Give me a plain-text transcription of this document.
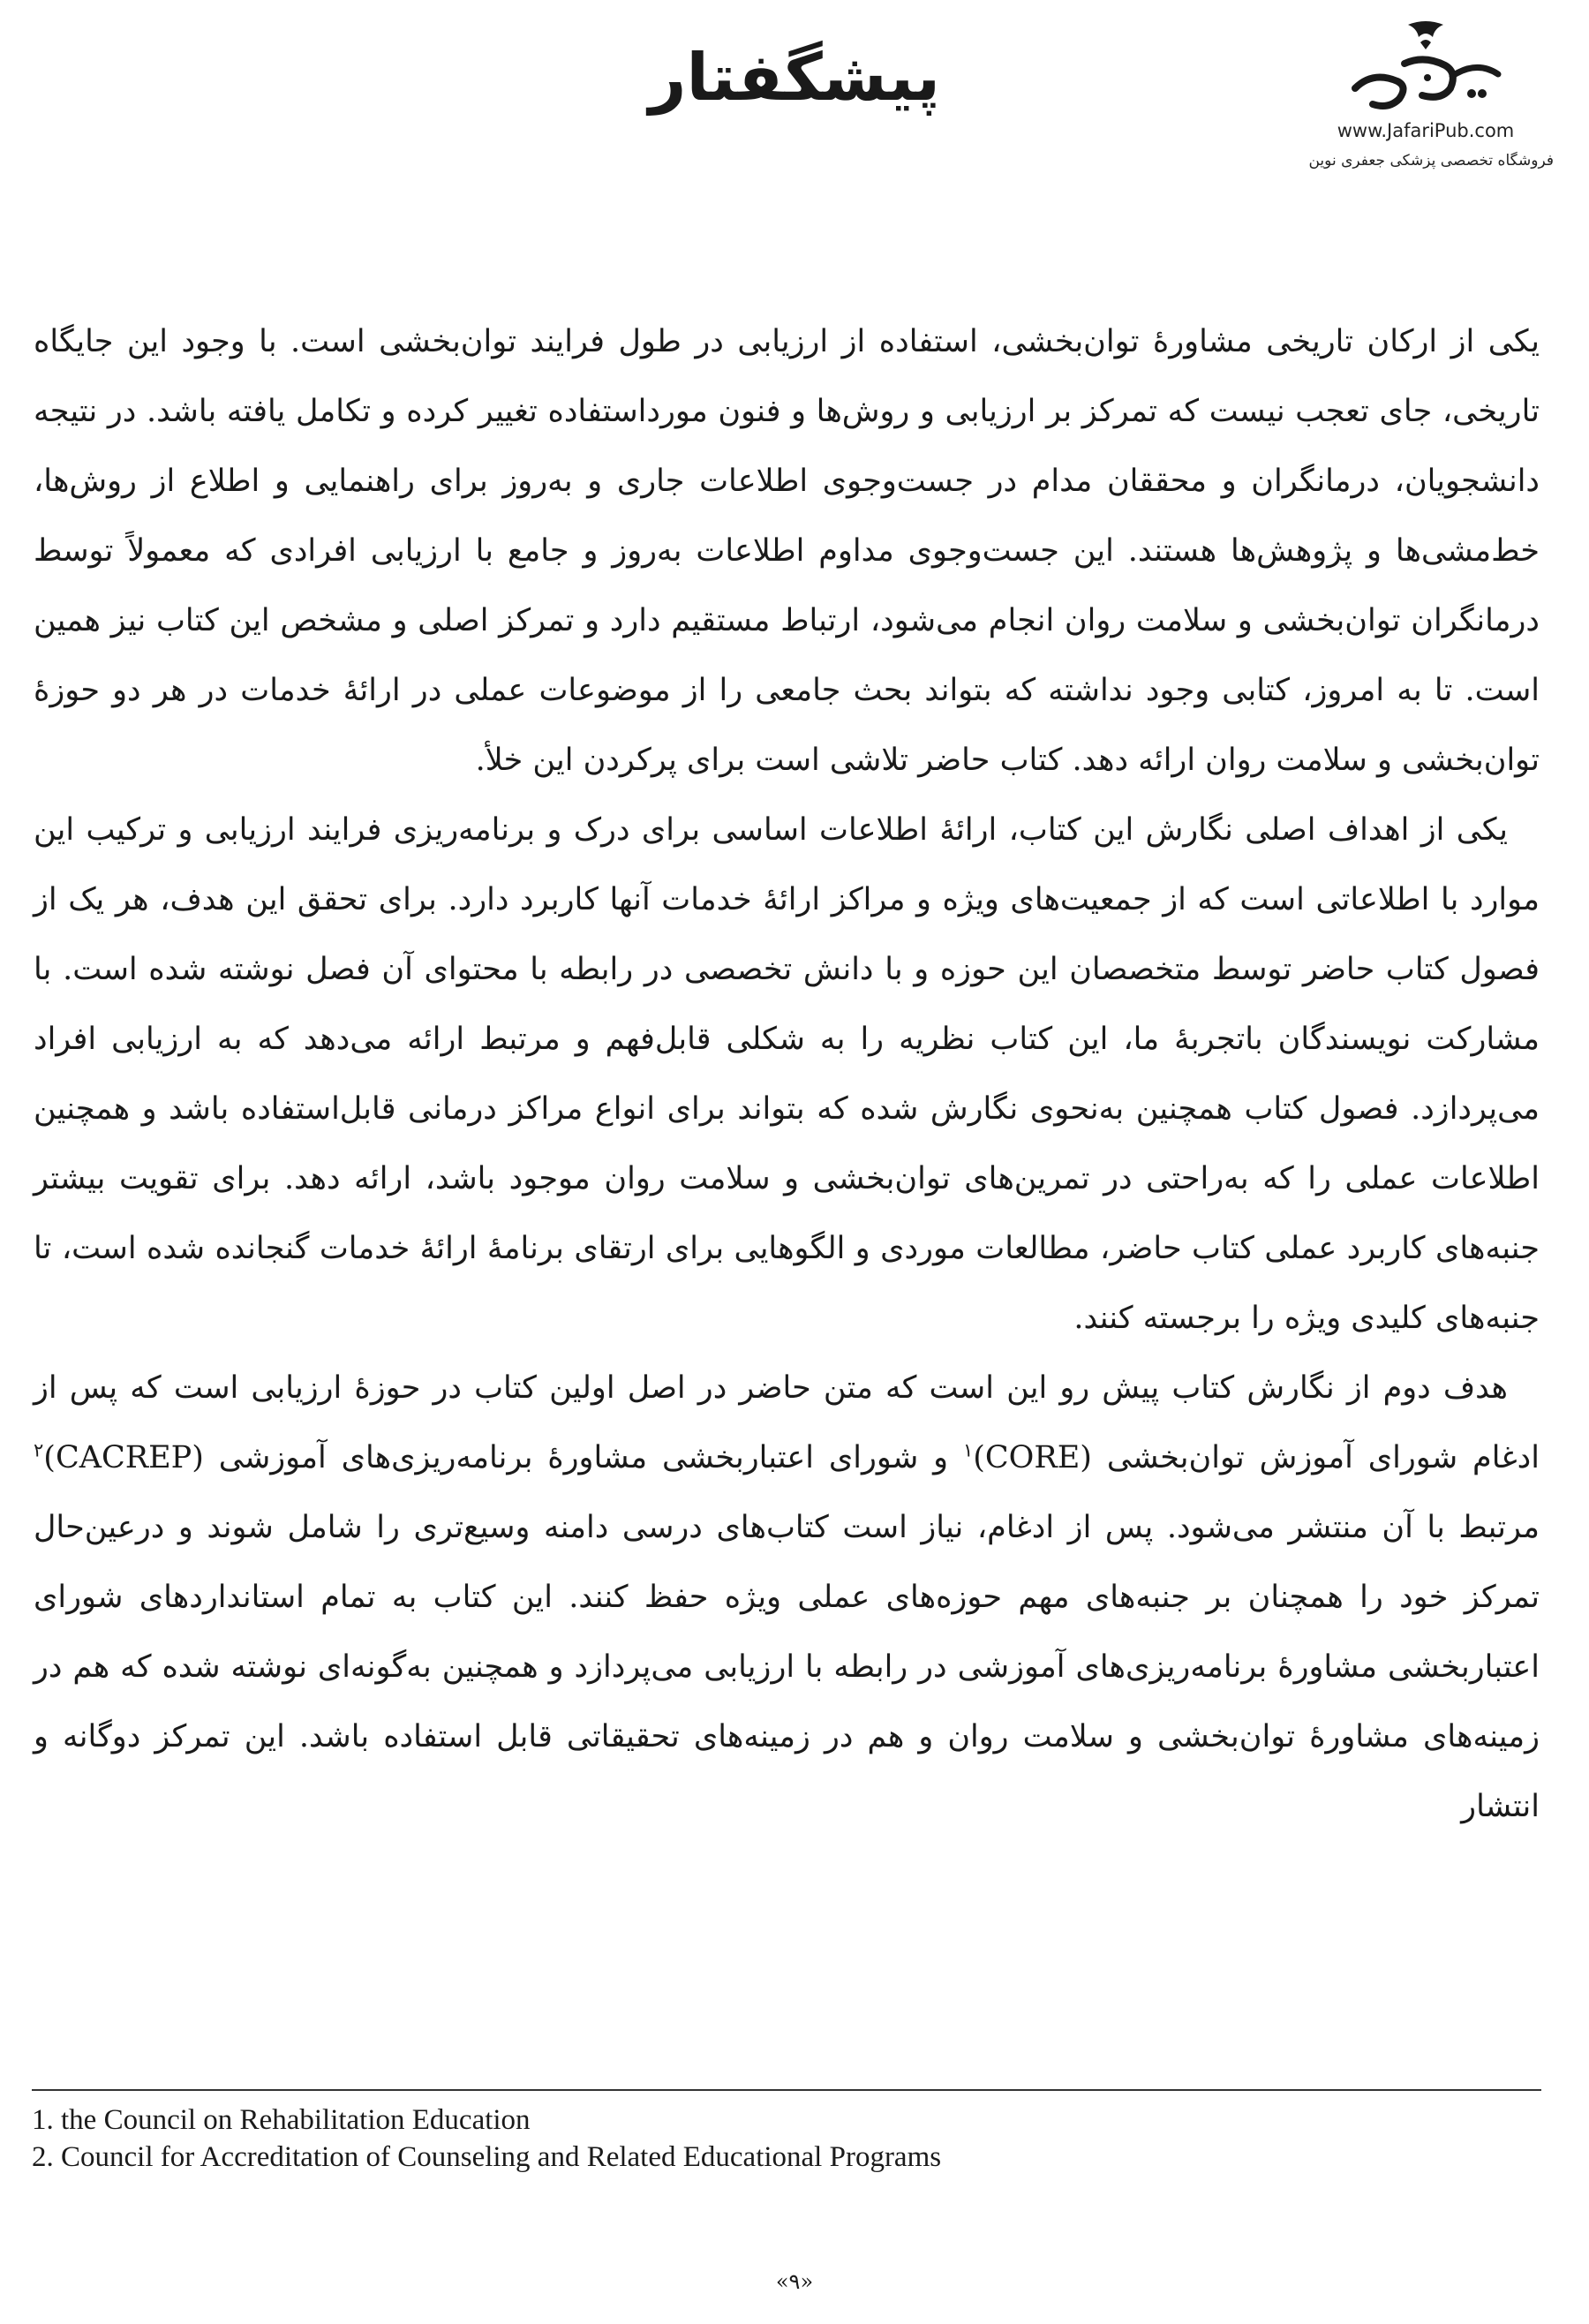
پیشگفتار
www.JafariPub.com
فروشگاه تخصصی پزشکی جعفری نوین

یکی از ارکان تاریخی مشاورهٔ توان‌بخشی، استفاده از ارزیابی در طول فرایند توان‌بخشی است. با وجود این جایگاه تاریخی، جای تعجب نیست که تمرکز بر ارزیابی و روش‌ها و فنون مورداستفاده تغییر کرده و تکامل یافته باشد. در نتیجه دانشجویان، درمانگران و محققان مدام در جست‌وجوی اطلاعات جاری و به‌روز برای راهنمایی و اطلاع از روش‌ها، خط‌مشی‌ها و پژوهش‌ها هستند. این جست‌وجوی مداوم اطلاعات به‌روز و جامع با ارزیابی افرادی که معمولاً توسط درمانگران توان‌بخشی و سلامت روان انجام می‌شود، ارتباط مستقیم دارد و تمرکز اصلی و مشخص این کتاب نیز همین است. تا به امروز، کتابی وجود نداشته که بتواند بحث جامعی را از موضوعات عملی در ارائهٔ خدمات در هر دو حوزهٔ توان‌بخشی و سلامت روان ارائه دهد. کتاب حاضر تلاشی است برای پرکردن این خلأ.

یکی از اهداف اصلی نگارش این کتاب، ارائهٔ اطلاعات اساسی برای درک و برنامه‌ریزی فرایند ارزیابی و ترکیب این موارد با اطلاعاتی است که از جمعیت‌های ویژه و مراکز ارائهٔ خدمات آنها کاربرد دارد. برای تحقق این هدف، هر یک از فصول کتاب حاضر توسط متخصصان این حوزه و با دانش تخصصی در رابطه با محتوای آن فصل نوشته شده است. با مشارکت نویسندگان باتجربهٔ ما، این کتاب نظریه را به شکلی قابل‌فهم و مرتبط ارائه می‌دهد که به ارزیابی افراد می‌پردازد. فصول کتاب همچنین به‌نحوی نگارش شده که بتواند برای انواع مراکز درمانی قابل‌استفاده باشد و همچنین اطلاعات عملی را که به‌راحتی در تمرین‌های توان‌بخشی و سلامت روان موجود باشد، ارائه دهد. برای تقویت بیشتر جنبه‌های کاربرد عملی کتاب حاضر، مطالعات موردی و الگوهایی برای ارتقای برنامهٔ ارائهٔ خدمات گنجانده شده است، تا جنبه‌های کلیدی ویژه را برجسته کنند.

هدف دوم از نگارش کتاب پیش رو این است که متن حاضر در اصل اولین کتاب در حوزهٔ ارزیابی است که پس از ادغام شورای آموزش توان‌بخشی (CORE)$^۱$ و شورای اعتباربخشی مشاورهٔ برنامه‌ریزی‌های آموزشی (CACREP)$^۲$ مرتبط با آن منتشر می‌شود. پس از ادغام، نیاز است کتاب‌های درسی دامنه وسیع‌تری را شامل شوند و درعین‌حال تمرکز خود را همچنان بر جنبه‌های مهم حوزه‌های عملی ویژه حفظ کنند. این کتاب به تمام استانداردهای شورای اعتباربخشی مشاورهٔ برنامه‌ریزی‌های آموزشی در رابطه با ارزیابی می‌پردازد و همچنین به‌گونه‌ای نوشته شده که هم در زمینه‌های مشاورهٔ توان‌بخشی و سلامت روان و هم در زمینه‌های تحقیقاتی قابل استفاده باشد. این تمرکز دوگانه و انتشار

1. the Council on Rehabilitation Education
2. Council for Accreditation of Counseling and Related Educational Programs
«۹»
